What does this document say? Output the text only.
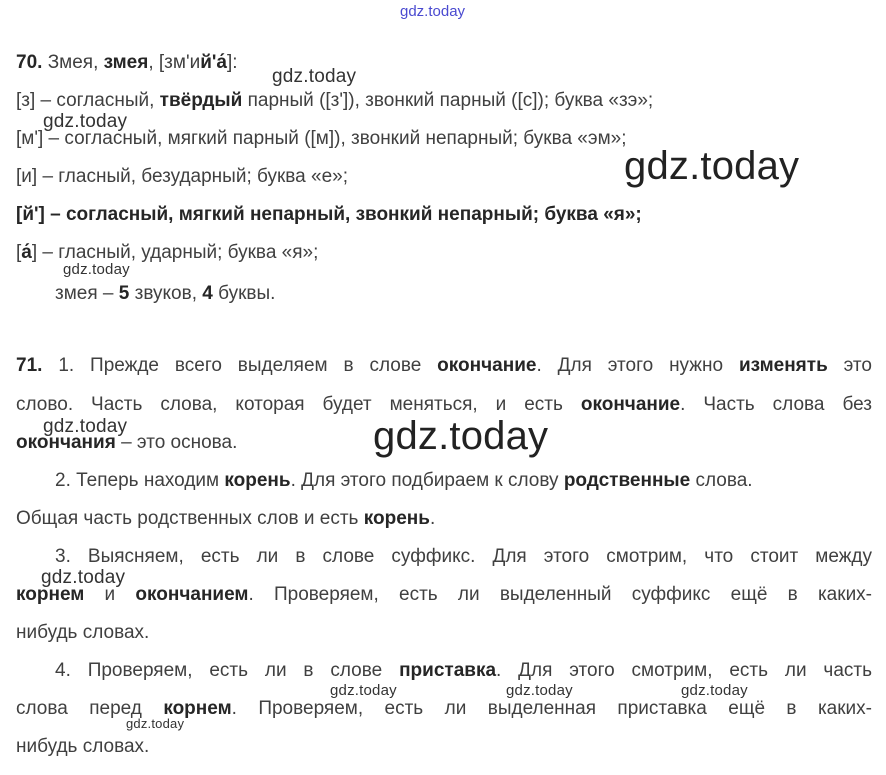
gdz.today
gdz.today
gdz.today
gdz.today
gdz.today
gdz.today	gdz.today
gdz.today
gdz.today	gdz.today	gdz.today
gdz.today
70. Змея, змея, [зм'ий'а́]:
[з] – согласный, твёрдый парный ([з']), звонкий парный ([с]); буква «зэ»;
[м'] – согласный, мягкий парный ([м]), звонкий непарный; буква «эм»;
[и] – гласный, безударный; буква «е»;
[й'] – согласный, мягкий непарный, звонкий непарный; буква «я»;
[а́] – гласный, ударный; буква «я»;
змея – 5 звуков, 4 буквы.
71. 1. Прежде всего выделяем в слове окончание. Для этого нужно изменять это
слово. Часть слова, которая будет меняться, и есть окончание. Часть слова без
окончания – это основа.
2. Теперь находим корень. Для этого подбираем к слову родственные слова.
Общая часть родственных слов и есть корень.
3. Выясняем, есть ли в слове суффикс. Для этого смотрим, что стоит между
корнем и окончанием. Проверяем, есть ли выделенный суффикс ещё в каких-
нибудь словах.
4. Проверяем, есть ли в слове приставка. Для этого смотрим, есть ли часть
слова перед корнем. Проверяем, есть ли выделенная приставка ещё в каких-
нибудь словах.
